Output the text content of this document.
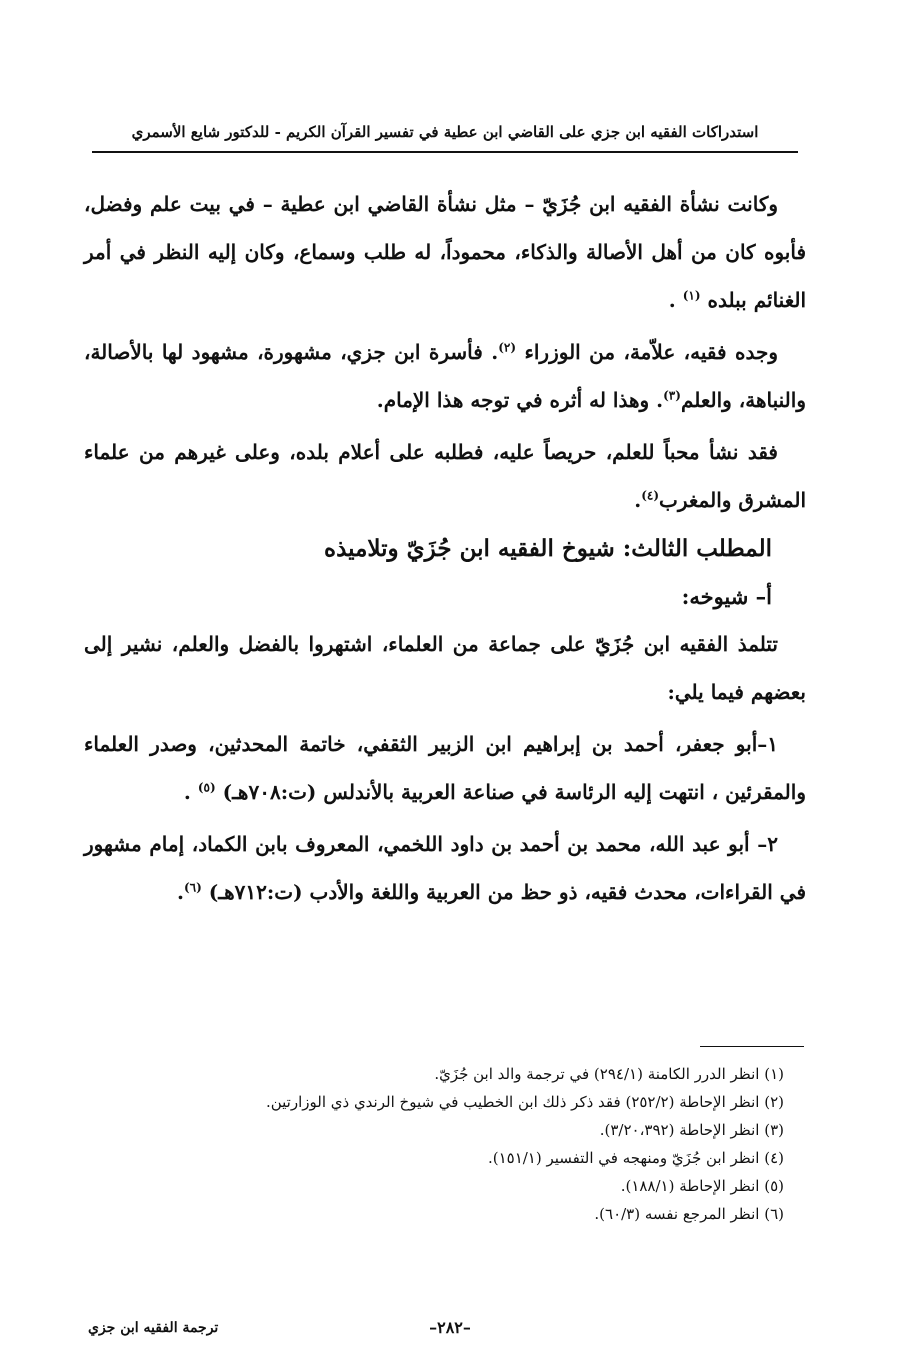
استدراكات الفقيه ابن جزي على القاضي ابن عطية في تفسير القرآن الكريم - للدكتور شايع الأسمري

وكانت نشأة الفقيه ابن جُزَيّ – مثل نشأة القاضي ابن عطية – في بيت علم وفضل، فأبوه كان من أهل الأصالة والذكاء، محموداً، له طلب وسماع، وكان إليه النظر في أمر الغنائم ببلده $^{(١)}$ .

وجده فقيه، علاّمة، من الوزراء $^{(٢)}$. فأسرة ابن جزي، مشهورة، مشهود لها بالأصالة، والنباهة، والعلم$^{(٣)}$. وهذا له أثره في توجه هذا الإمام.

فقد نشأ محباً للعلم، حريصاً عليه، فطلبه على أعلام بلده، وعلى غيرهم من علماء المشرق والمغرب$^{(٤)}$.

المطلب الثالث: شيوخ الفقيه ابن جُزَيّ وتلاميذه

أ– شيوخه:

تتلمذ الفقيه ابن جُزَيّ على جماعة من العلماء، اشتهروا بالفضل والعلم، نشير إلى بعضهم فيما يلي:

١–أبو جعفر، أحمد بن إبراهيم ابن الزبير الثقفي، خاتمة المحدثين، وصدر العلماء والمقرئين ، انتهت إليه الرئاسة في صناعة العربية بالأندلس (ت:٧٠٨هـ) $^{(٥)}$ .

٢– أبو عبد الله، محمد بن أحمد بن داود اللخمي، المعروف بابن الكماد، إمام مشهور في القراءات، محدث فقيه، ذو حظ من العربية واللغة والأدب (ت:٧١٢هـ) $^{(٦)}$.

(١) انظر الدرر الكامنة (٢٩٤/١) في ترجمة والد ابن جُزَيّ.

(٢) انظر الإحاطة (٢٥٢/٢) فقد ذكر ذلك ابن الخطيب في شيوخ الرندي ذي الوزارتين.

(٣) انظر الإحاطة (٣/٢٠،٣٩٢).

(٤) انظر ابن جُزَيّ ومنهجه في التفسير (١٥١/١).

(٥) انظر الإحاطة (١٨٨/١).

(٦) انظر المرجع نفسه (٦٠/٣).

ترجمة الفقيه ابن جزي	–٢٨٢–
